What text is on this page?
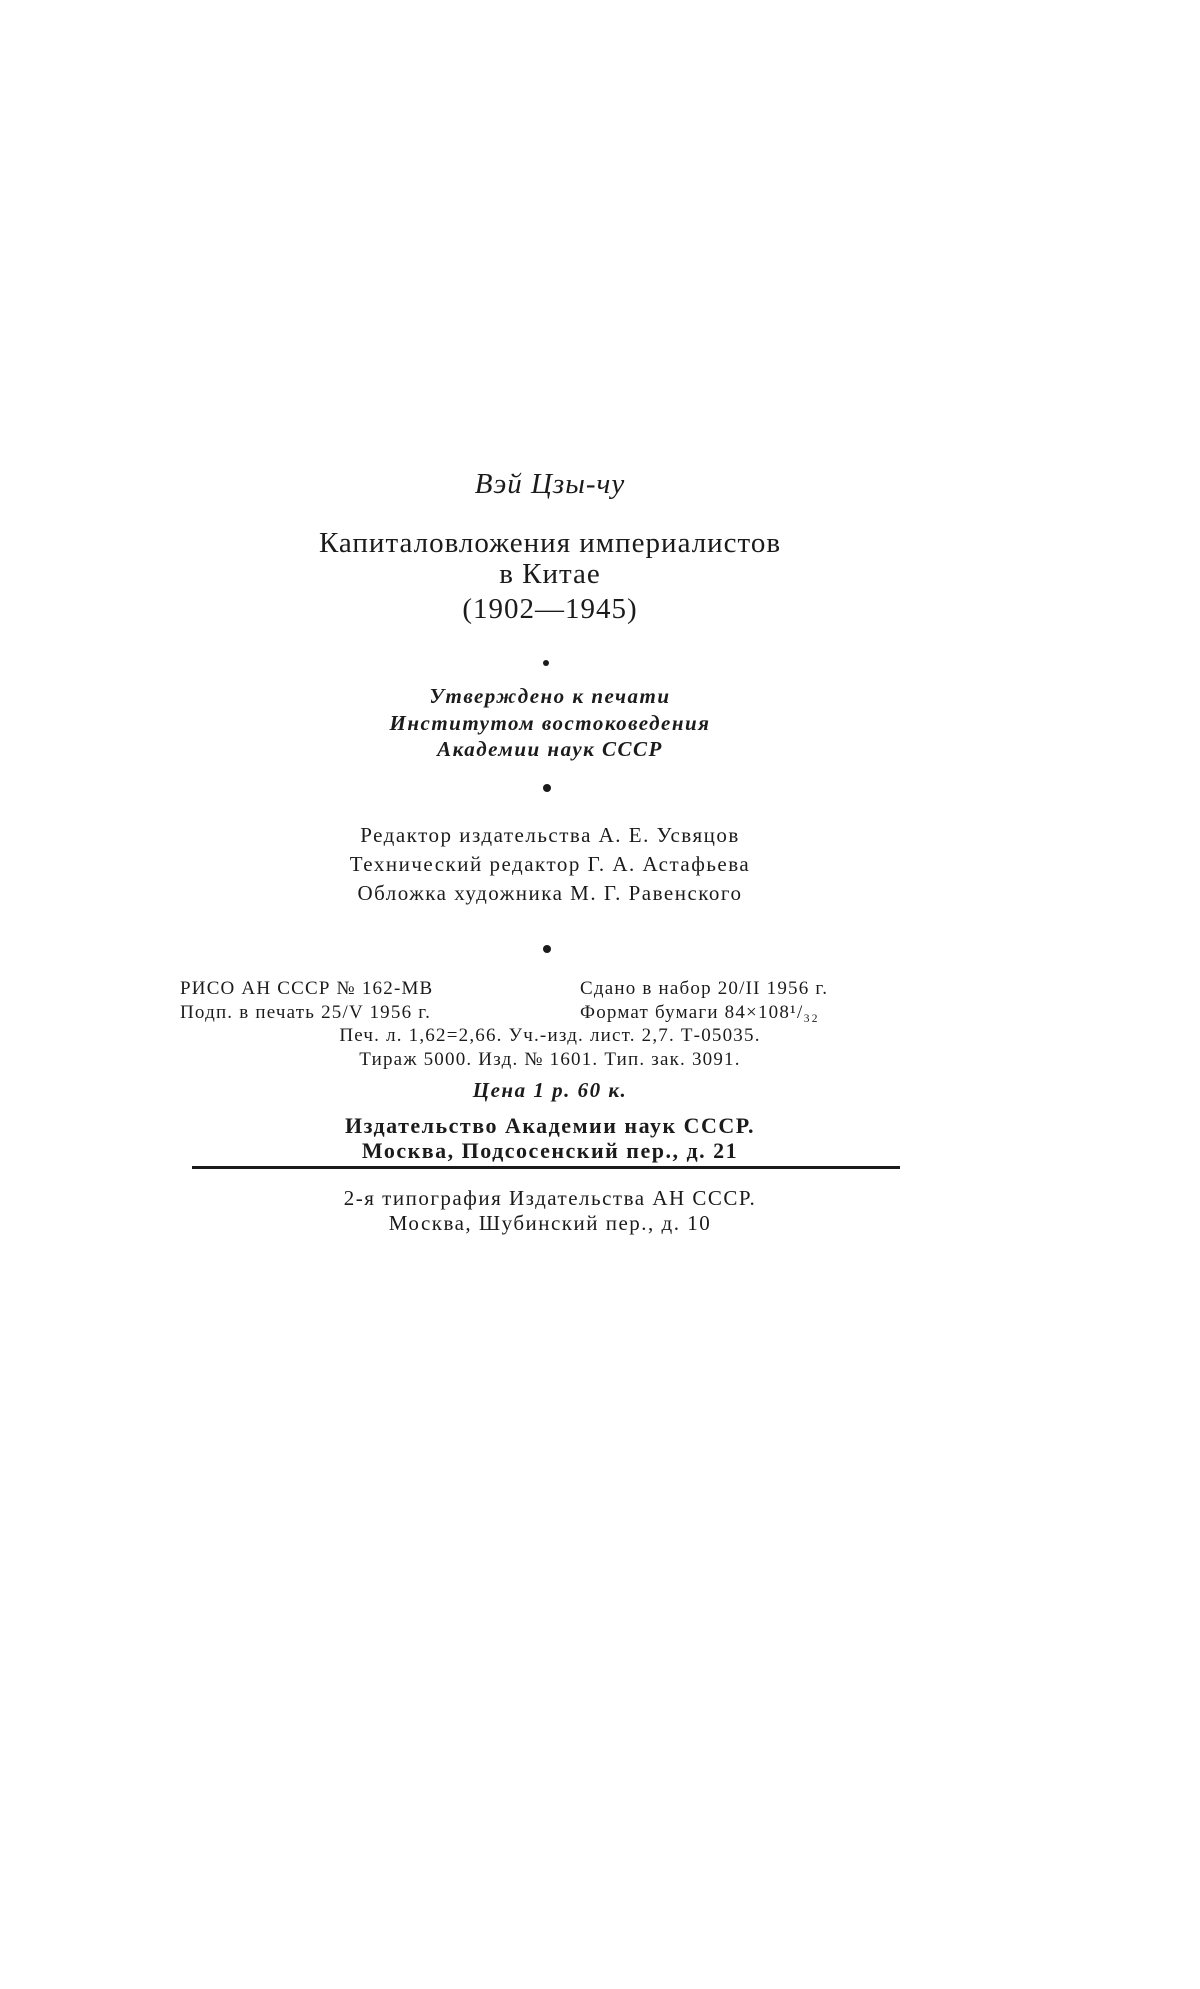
Вэй Цзы-чу
Капиталовложения империалистов
в Китае
(1902—1945)
Утверждено к печати
Институтом востоковедения
Академии наук СССР
Редактор издательства А. Е. Усвяцов
Технический редактор Г. А. Астафьева
Обложка художника М. Г. Равенского
РИСО АН СССР № 162-МВ	Сдано в набор 20/II 1956 г.
Подп. в печать 25/V 1956 г.	Формат бумаги 84×108¹/₃₂
Печ. л. 1,62=2,66. Уч.-изд. лист. 2,7. Т-05035.
Тираж 5000. Изд. № 1601. Тип. зак. 3091.
Цена 1 р. 60 к.
Издательство Академии наук СССР.
Москва, Подсосенский пер., д. 21
2-я типография Издательства АН СССР.
Москва, Шубинский пер., д. 10
